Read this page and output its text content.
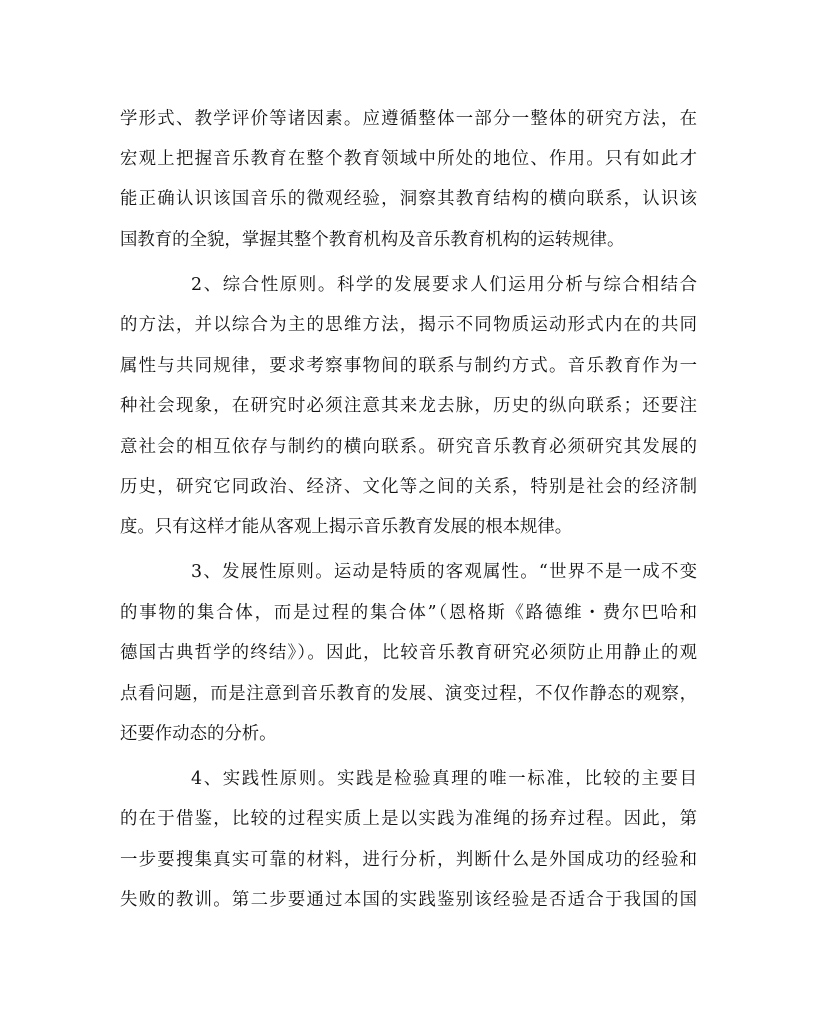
学形式、教学评价等诸因素。应遵循整体一部分一整体的研究方法，在
宏观上把握音乐教育在整个教育领域中所处的地位、作用。只有如此才
能正确认识该国音乐的微观经验，洞察其教育结构的横向联系，认识该
国教育的全貌，掌握其整个教育机构及音乐教育机构的运转规律。
2、综合性原则。科学的发展要求人们运用分析与综合相结合
的方法，并以综合为主的思维方法，揭示不同物质运动形式内在的共同
属性与共同规律，要求考察事物间的联系与制约方式。音乐教育作为一
种社会现象，在研究时必须注意其来龙去脉，历史的纵向联系；还要注
意社会的相互依存与制约的横向联系。研究音乐教育必须研究其发展的
历史，研究它同政治、经济、文化等之间的关系，特别是社会的经济制
度。只有这样才能从客观上揭示音乐教育发展的根本规律。
3、发展性原则。运动是特质的客观属性。“世界不是一成不变
的事物的集合体，而是过程的集合体”（恩格斯《路德维・费尔巴哈和
德国古典哲学的终结》）。因此，比较音乐教育研究必须防止用静止的观
点看问题，而是注意到音乐教育的发展、演变过程，不仅作静态的观察，
还要作动态的分析。
4、实践性原则。实践是检验真理的唯一标准，比较的主要目
的在于借鉴，比较的过程实质上是以实践为准绳的扬弃过程。因此，第
一步要搜集真实可靠的材料，进行分析，判断什么是外国成功的经验和
失败的教训。第二步要通过本国的实践鉴别该经验是否适合于我国的国
